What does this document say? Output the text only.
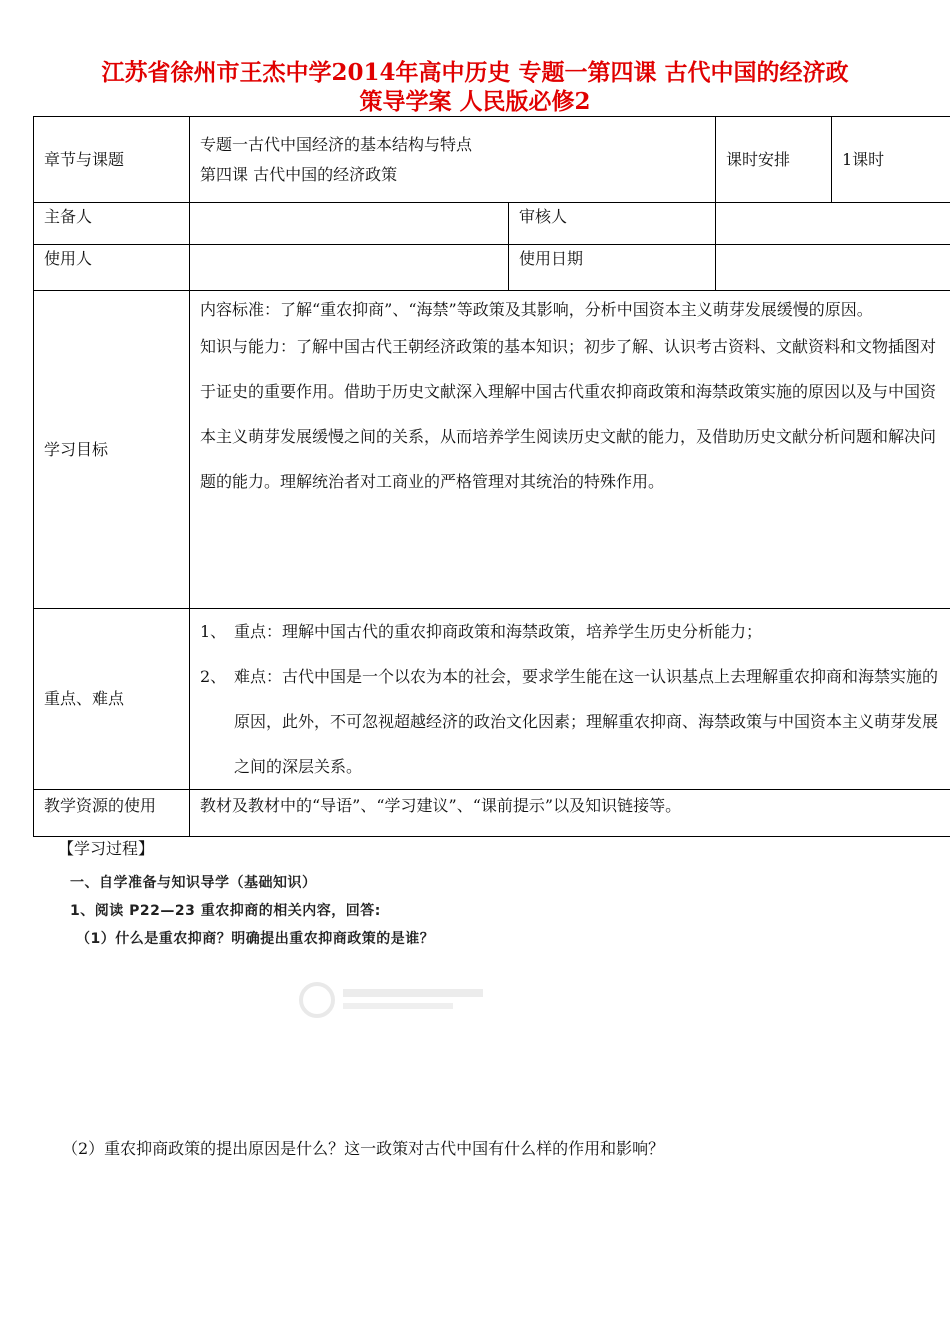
江苏省徐州市王杰中学2014年高中历史 专题一第四课 古代中国的经济政
策导学案 人民版必修2
章节与课题	专题一古代中国经济的基本结构与特点
第四课 古代中国的经济政策		课时安排	1课时
主备人		审核人		
使用人		使用日期		
学习目标	内容标准：了解“重农抑商”、“海禁”等政策及其影响，分析中国资本主义萌芽发展缓慢的原因。
知识与能力：了解中国古代王朝经济政策的基本知识；初步了解、认识考古资料、文献资料和文物插图对于证史的重要作用。借助于历史文献深入理解中国古代重农抑商政策和海禁政策实施的原因以及与中国资本主义萌芽发展缓慢之间的关系，从而培养学生阅读历史文献的能力，及借助历史文献分析问题和解决问题的能力。理解统治者对工商业的严格管理对其统治的特殊作用。			

重点、难点	1、 重点：理解中国古代的重农抑商政策和海禁政策，培养学生历史分析能力；

2、 难点：古代中国是一个以农为本的社会，要求学生能在这一认识基点上去理解重农抑商和海禁实施的原因，此外，不可忽视超越经济的政治文化因素；理解重农抑商、海禁政策与中国资本主义萌芽发展之间的深层关系。			

教学资源的使用	教材及教材中的“导语”、“学习建议”、“课前提示”以及知识链接等。			
【学习过程】
一、自学准备与知识导学（基础知识）
1、阅读 P22—23 重农抑商的相关内容，回答:
（1）什么是重农抑商？明确提出重农抑商政策的是谁？
（2）重农抑商政策的提出原因是什么？这一政策对古代中国有什么样的作用和影响？
